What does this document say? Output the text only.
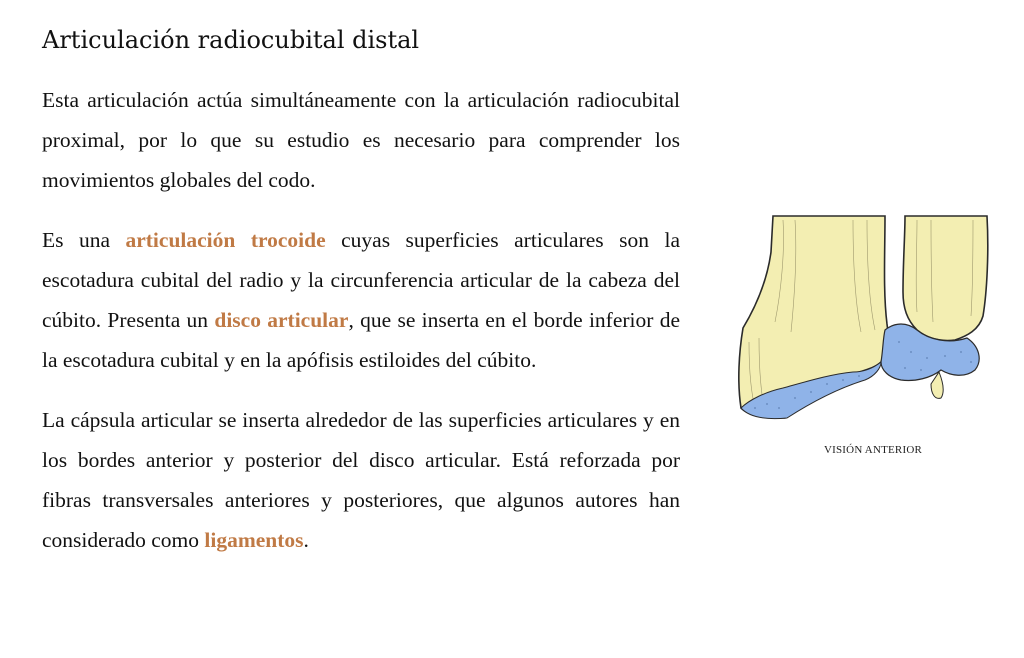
Articulación radiocubital distal

Esta articulación actúa simultáneamente con la articulación radiocubital proximal, por lo que su estudio es necesario para comprender los movimientos globales del codo.

Es una articulación trocoide cuyas superficies articulares son la escotadura cubital del radio y la circunferencia articular de la cabeza del cúbito. Presenta un disco articular, que se inserta en el borde inferior de la escotadura cubital y en la apófisis estiloides del cúbito.

La cápsula articular se inserta alrededor de las superficies articulares y en los bordes anterior y posterior del disco articular. Está reforzada por fibras transversales anteriores y posteriores, que algunos autores han considerado como ligamentos.

VISIÓN ANTERIOR
